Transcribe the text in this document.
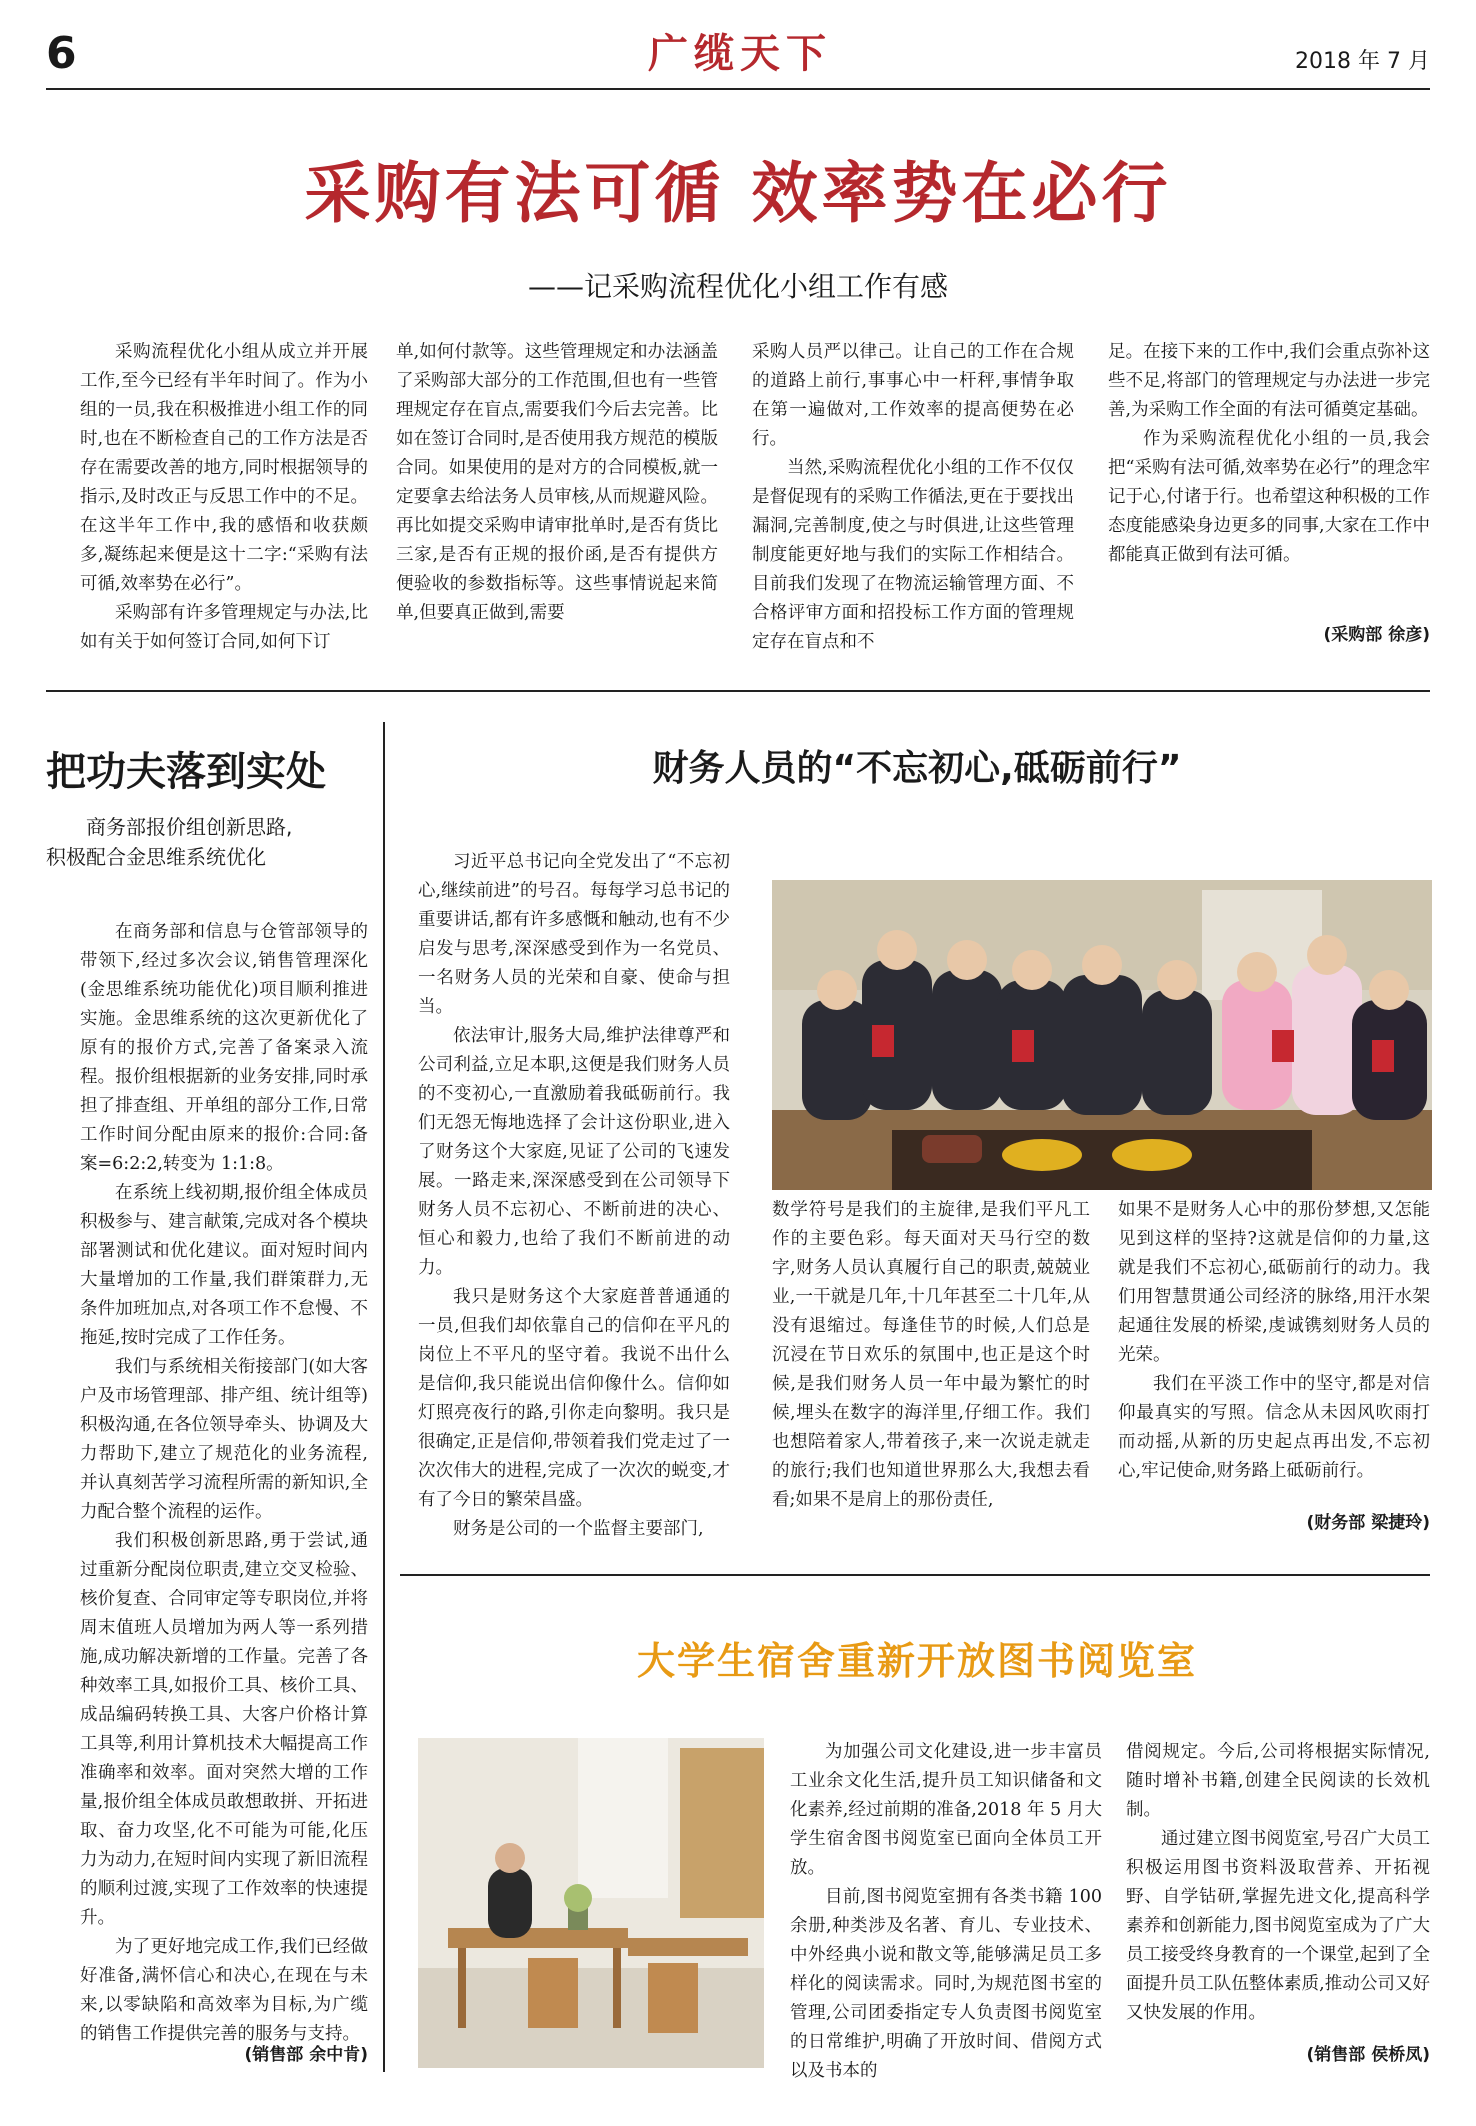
6	广缆天下	2018 年 7 月
采购有法可循 效率势在必行
——记采购流程优化小组工作有感

采购流程优化小组从成立并开展工作,至今已经有半年时间了。作为小组的一员,我在积极推进小组工作的同时,也在不断检查自己的工作方法是否存在需要改善的地方,同时根据领导的指示,及时改正与反思工作中的不足。在这半年工作中,我的感悟和收获颇多,凝练起来便是这十二字:“采购有法可循,效率势在必行”。

采购部有许多管理规定与办法,比如有关于如何签订合同,如何下订

单,如何付款等。这些管理规定和办法涵盖了采购部大部分的工作范围,但也有一些管理规定存在盲点,需要我们今后去完善。比如在签订合同时,是否使用我方规范的模版合同。如果使用的是对方的合同模板,就一定要拿去给法务人员审核,从而规避风险。再比如提交采购申请审批单时,是否有货比三家,是否有正规的报价函,是否有提供方便验收的参数指标等。这些事情说起来简单,但要真正做到,需要

采购人员严以律己。让自己的工作在合规的道路上前行,事事心中一杆秤,事情争取在第一遍做对,工作效率的提高便势在必行。

当然,采购流程优化小组的工作不仅仅是督促现有的采购工作循法,更在于要找出漏洞,完善制度,使之与时俱进,让这些管理制度能更好地与我们的实际工作相结合。目前我们发现了在物流运输管理方面、不合格评审方面和招投标工作方面的管理规定存在盲点和不

足。在接下来的工作中,我们会重点弥补这些不足,将部门的管理规定与办法进一步完善,为采购工作全面的有法可循奠定基础。

作为采购流程优化小组的一员,我会把“采购有法可循,效率势在必行”的理念牢记于心,付诸于行。也希望这种积极的工作态度能感染身边更多的同事,大家在工作中都能真正做到有法可循。

(采购部 徐彦)
把功夫落到实处
商务部报价组创新思路,
积极配合金思维系统优化

在商务部和信息与仓管部领导的带领下,经过多次会议,销售管理深化(金思维系统功能优化)项目顺利推进实施。金思维系统的这次更新优化了原有的报价方式,完善了备案录入流程。报价组根据新的业务安排,同时承担了排查组、开单组的部分工作,日常工作时间分配由原来的报价:合同:备案=6:2:2,转变为 1:1:8。

在系统上线初期,报价组全体成员积极参与、建言献策,完成对各个模块部署测试和优化建议。面对短时间内大量增加的工作量,我们群策群力,无条件加班加点,对各项工作不怠慢、不拖延,按时完成了工作任务。

我们与系统相关衔接部门(如大客户及市场管理部、排产组、统计组等)积极沟通,在各位领导牵头、协调及大力帮助下,建立了规范化的业务流程,并认真刻苦学习流程所需的新知识,全力配合整个流程的运作。

我们积极创新思路,勇于尝试,通过重新分配岗位职责,建立交叉检验、核价复查、合同审定等专职岗位,并将周末值班人员增加为两人等一系列措施,成功解决新增的工作量。完善了各种效率工具,如报价工具、核价工具、成品编码转换工具、大客户价格计算工具等,利用计算机技术大幅提高工作准确率和效率。面对突然大增的工作量,报价组全体成员敢想敢拼、开拓进取、奋力攻坚,化不可能为可能,化压力为动力,在短时间内实现了新旧流程的顺利过渡,实现了工作效率的快速提升。

为了更好地完成工作,我们已经做好准备,满怀信心和决心,在现在与未来,以零缺陷和高效率为目标,为广缆的销售工作提供完善的服务与支持。

(销售部 余中肯)
财务人员的“不忘初心,砥砺前行”

习近平总书记向全党发出了“不忘初心,继续前进”的号召。每每学习总书记的重要讲话,都有许多感慨和触动,也有不少启发与思考,深深感受到作为一名党员、一名财务人员的光荣和自豪、使命与担当。

依法审计,服务大局,维护法律尊严和公司利益,立足本职,这便是我们财务人员的不变初心,一直激励着我砥砺前行。我们无怨无悔地选择了会计这份职业,进入了财务这个大家庭,见证了公司的飞速发展。一路走来,深深感受到在公司领导下财务人员不忘初心、不断前进的决心、恒心和毅力,也给了我们不断前进的动力。

我只是财务这个大家庭普普通通的一员,但我们却依靠自己的信仰在平凡的岗位上不平凡的坚守着。我说不出什么是信仰,我只能说出信仰像什么。信仰如灯照亮夜行的路,引你走向黎明。我只是很确定,正是信仰,带领着我们党走过了一次次伟大的进程,完成了一次次的蜕变,才有了今日的繁荣昌盛。

财务是公司的一个监督主要部门,

数学符号是我们的主旋律,是我们平凡工作的主要色彩。每天面对天马行空的数字,财务人员认真履行自己的职责,兢兢业业,一干就是几年,十几年甚至二十几年,从没有退缩过。每逢佳节的时候,人们总是沉浸在节日欢乐的氛围中,也正是这个时候,是我们财务人员一年中最为繁忙的时候,埋头在数字的海洋里,仔细工作。我们也想陪着家人,带着孩子,来一次说走就走的旅行;我们也知道世界那么大,我想去看看;如果不是肩上的那份责任,

如果不是财务人心中的那份梦想,又怎能见到这样的坚持?这就是信仰的力量,这就是我们不忘初心,砥砺前行的动力。我们用智慧贯通公司经济的脉络,用汗水架起通往发展的桥梁,虔诚镌刻财务人员的光荣。

我们在平淡工作中的坚守,都是对信仰最真实的写照。信念从未因风吹雨打而动摇,从新的历史起点再出发,不忘初心,牢记使命,财务路上砥砺前行。

(财务部 梁捷玲)
大学生宿舍重新开放图书阅览室

为加强公司文化建设,进一步丰富员工业余文化生活,提升员工知识储备和文化素养,经过前期的准备,2018 年 5 月大学生宿舍图书阅览室已面向全体员工开放。

目前,图书阅览室拥有各类书籍 100 余册,种类涉及名著、育儿、专业技术、中外经典小说和散文等,能够满足员工多样化的阅读需求。同时,为规范图书室的管理,公司团委指定专人负责图书阅览室的日常维护,明确了开放时间、借阅方式以及书本的

借阅规定。今后,公司将根据实际情况,随时增补书籍,创建全民阅读的长效机制。

通过建立图书阅览室,号召广大员工积极运用图书资料汲取营养、开拓视野、自学钻研,掌握先进文化,提高科学素养和创新能力,图书阅览室成为了广大员工接受终身教育的一个课堂,起到了全面提升员工队伍整体素质,推动公司又好又快发展的作用。

(销售部 侯桥凤)
